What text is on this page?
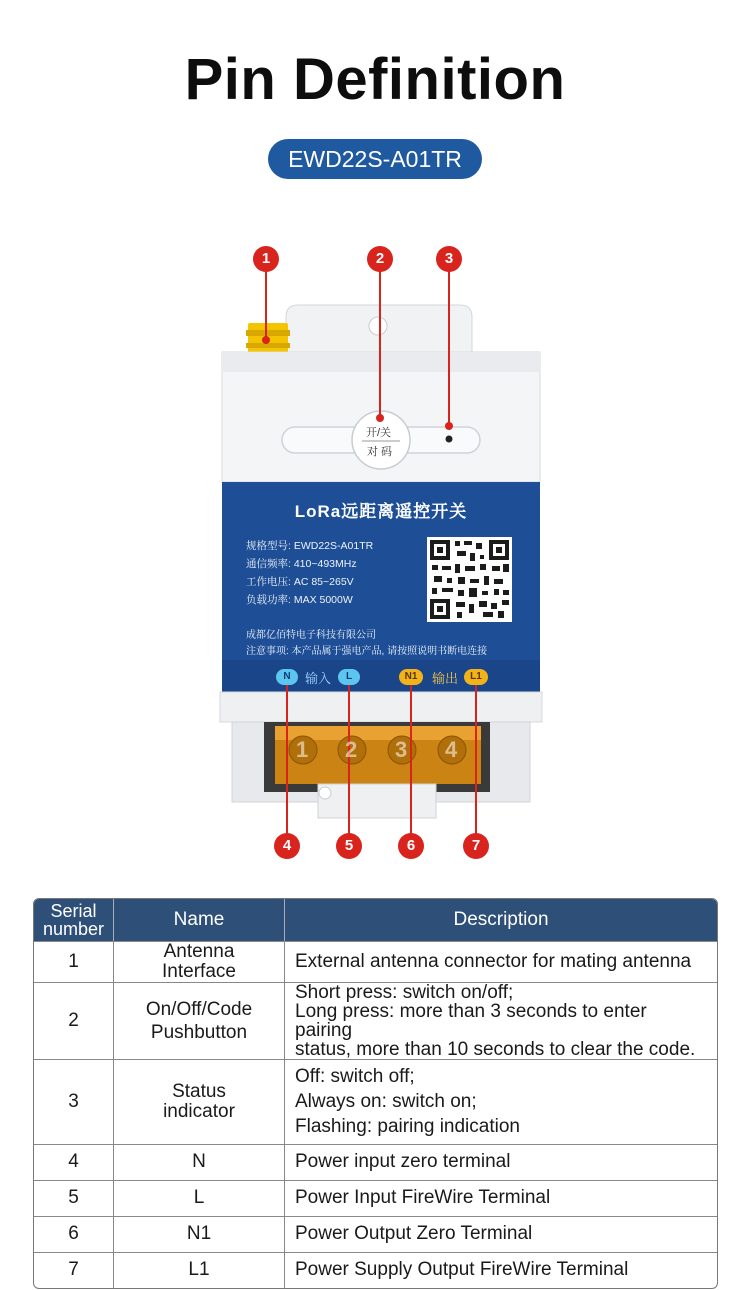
Pin Definition
EWD22S-A01TR
开/关
对 码
LoRa远距离遥控开关
规格型号: EWD22S-A01TR
通信频率: 410~493MHz
工作电压: AC 85~265V
负载功率: MAX 5000W
成都亿佰特电子科技有限公司
注意事项: 本产品属于强电产品, 请按照说明书断电连接
N	输入	L	N1	输出	L1
1 2 3 4
1	2	3
4	5	6	7
Serial
number	Name	Description
1	Antenna
Interface	External antenna connector for mating antenna

2	On/Off/Code
Pushbutton	Short press: switch on/off;
Long press: more than 3 seconds to enter pairing
status, more than 10 seconds to clear the code.

3	Status
indicator	Off: switch off;
Always on: switch on;
Flashing: pairing indication

4	N	Power input zero terminal
5	L	Power Input FireWire Terminal
6	N1	Power Output Zero Terminal
7	L1	Power Supply Output FireWire Terminal
